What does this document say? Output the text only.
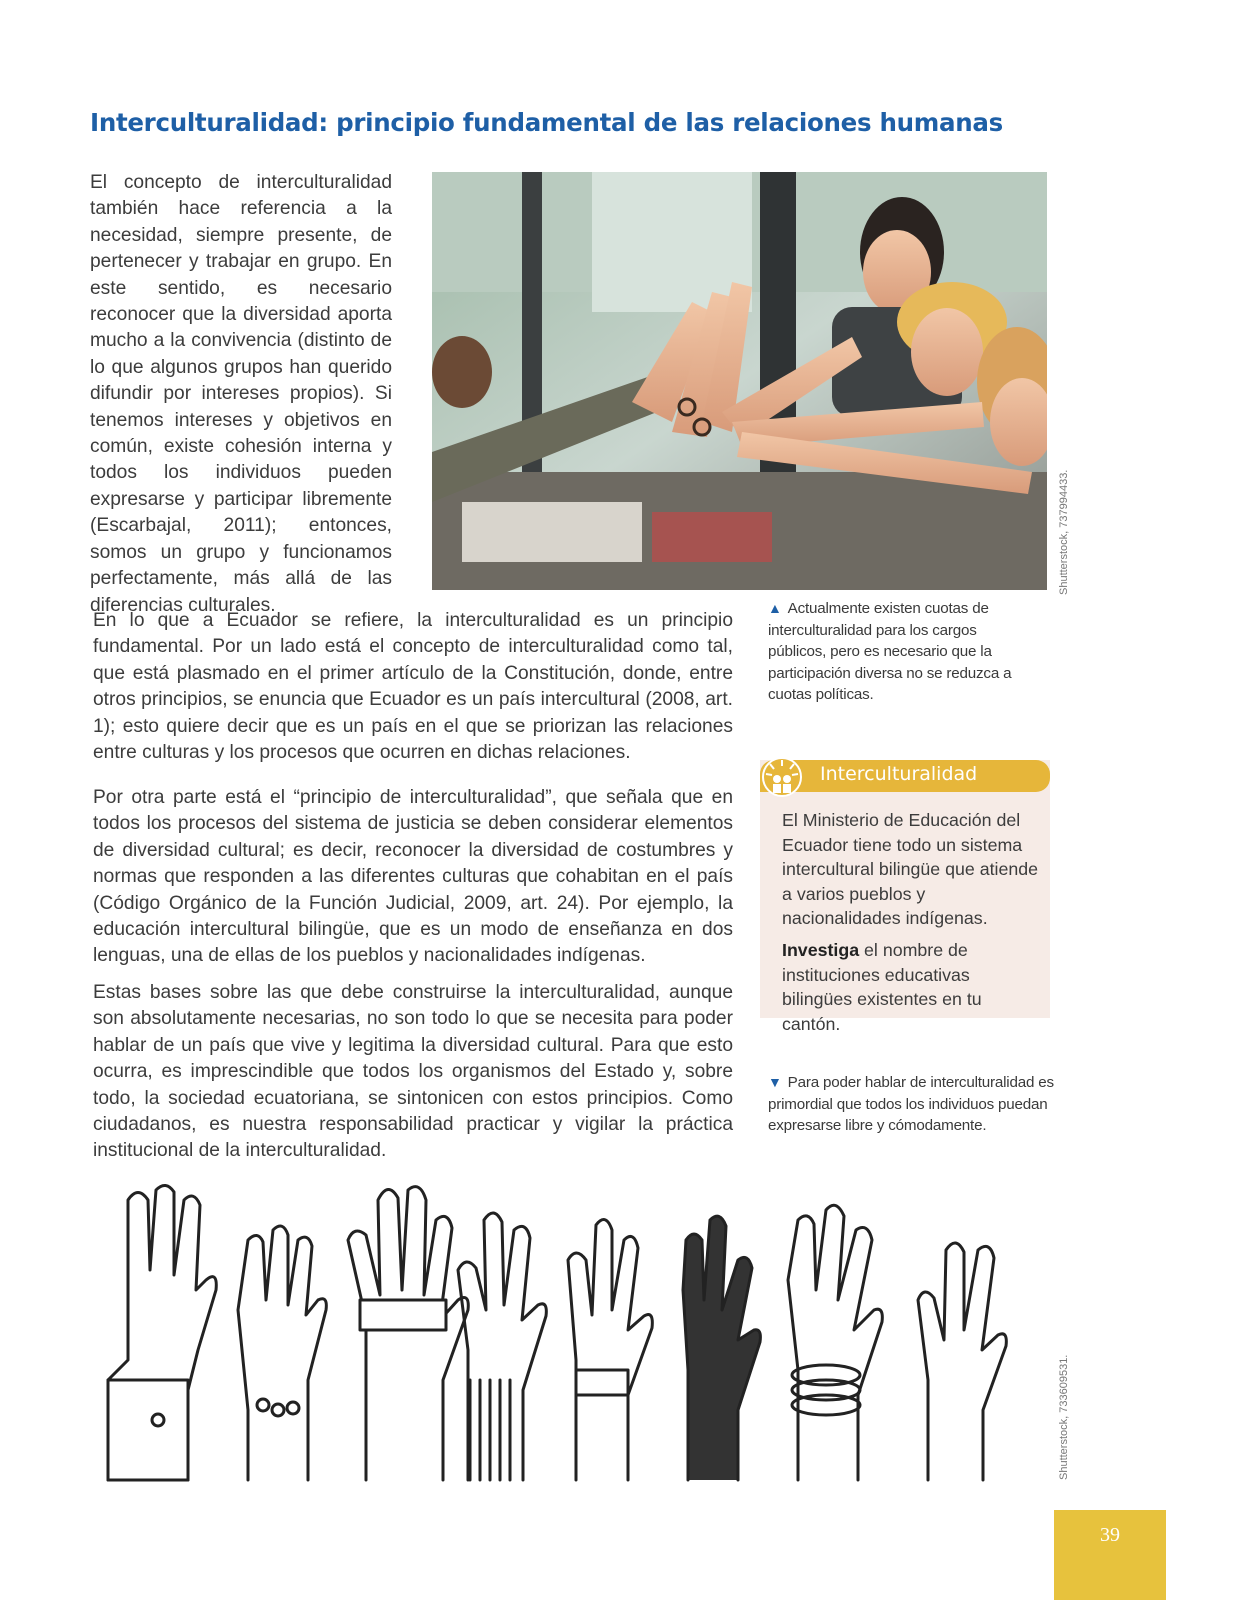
Interculturalidad: principio fundamental de las relaciones humanas

El concepto de interculturalidad también hace referencia a la necesidad, siempre presente, de pertenecer y trabajar en grupo. En este sentido, es necesario reconocer que la diversidad aporta mucho a la convivencia (distinto de lo que algunos grupos han querido difundir por intereses propios). Si tenemos intereses y objetivos en común, existe cohesión interna y todos los individuos pueden expresarse y participar libremente (Escarbajal, 2011); entonces, somos un grupo y funcionamos perfectamente, más allá de las diferencias culturales.

Shutterstock, 737994433.
▲ Actualmente existen cuotas de interculturalidad para los cargos públicos, pero es necesario que la participación diversa no se reduzca a cuotas políticas.

En lo que a Ecuador se refiere, la interculturalidad es un principio fundamental. Por un lado está el concepto de interculturalidad como tal, que está plasmado en el primer artículo de la Constitución, donde, entre otros principios, se enuncia que Ecuador es un país intercultural (2008, art. 1); esto quiere decir que es un país en el que se priorizan las relaciones entre culturas y los procesos que ocurren en dichas relaciones.

Por otra parte está el “principio de interculturalidad”, que señala que en todos los procesos del sistema de justicia se deben considerar elementos de diversidad cultural; es decir, reconocer la diversidad de costumbres y normas que responden a las diferentes culturas que cohabitan en el país (Código Orgánico de la Función Judicial, 2009, art. 24). Por ejemplo, la educación intercultural bilingüe, que es un modo de enseñanza en dos lenguas, una de ellas de los pueblos y nacionalidades indígenas.

Estas bases sobre las que debe construirse la interculturalidad, aunque son absolutamente necesarias, no son todo lo que se necesita para poder hablar de un país que vive y legitima la diversidad cultural. Para que esto ocurra, es imprescindible que todos los organismos del Estado y, sobre todo, la sociedad ecuatoriana, se sintonicen con estos principios. Como ciudadanos, es nuestra responsabilidad practicar y vigilar la práctica institucional de la interculturalidad.

Interculturalidad

El Ministerio de Educación del Ecuador tiene todo un sistema intercultural bilingüe que atiende a varios pueblos y nacionalidades indígenas.

Investiga el nombre de instituciones educativas bilingües existentes en tu cantón.

▼ Para poder hablar de interculturalidad es primordial que todos los individuos puedan expresarse libre y cómodamente.
Shutterstock, 733609531.
39
